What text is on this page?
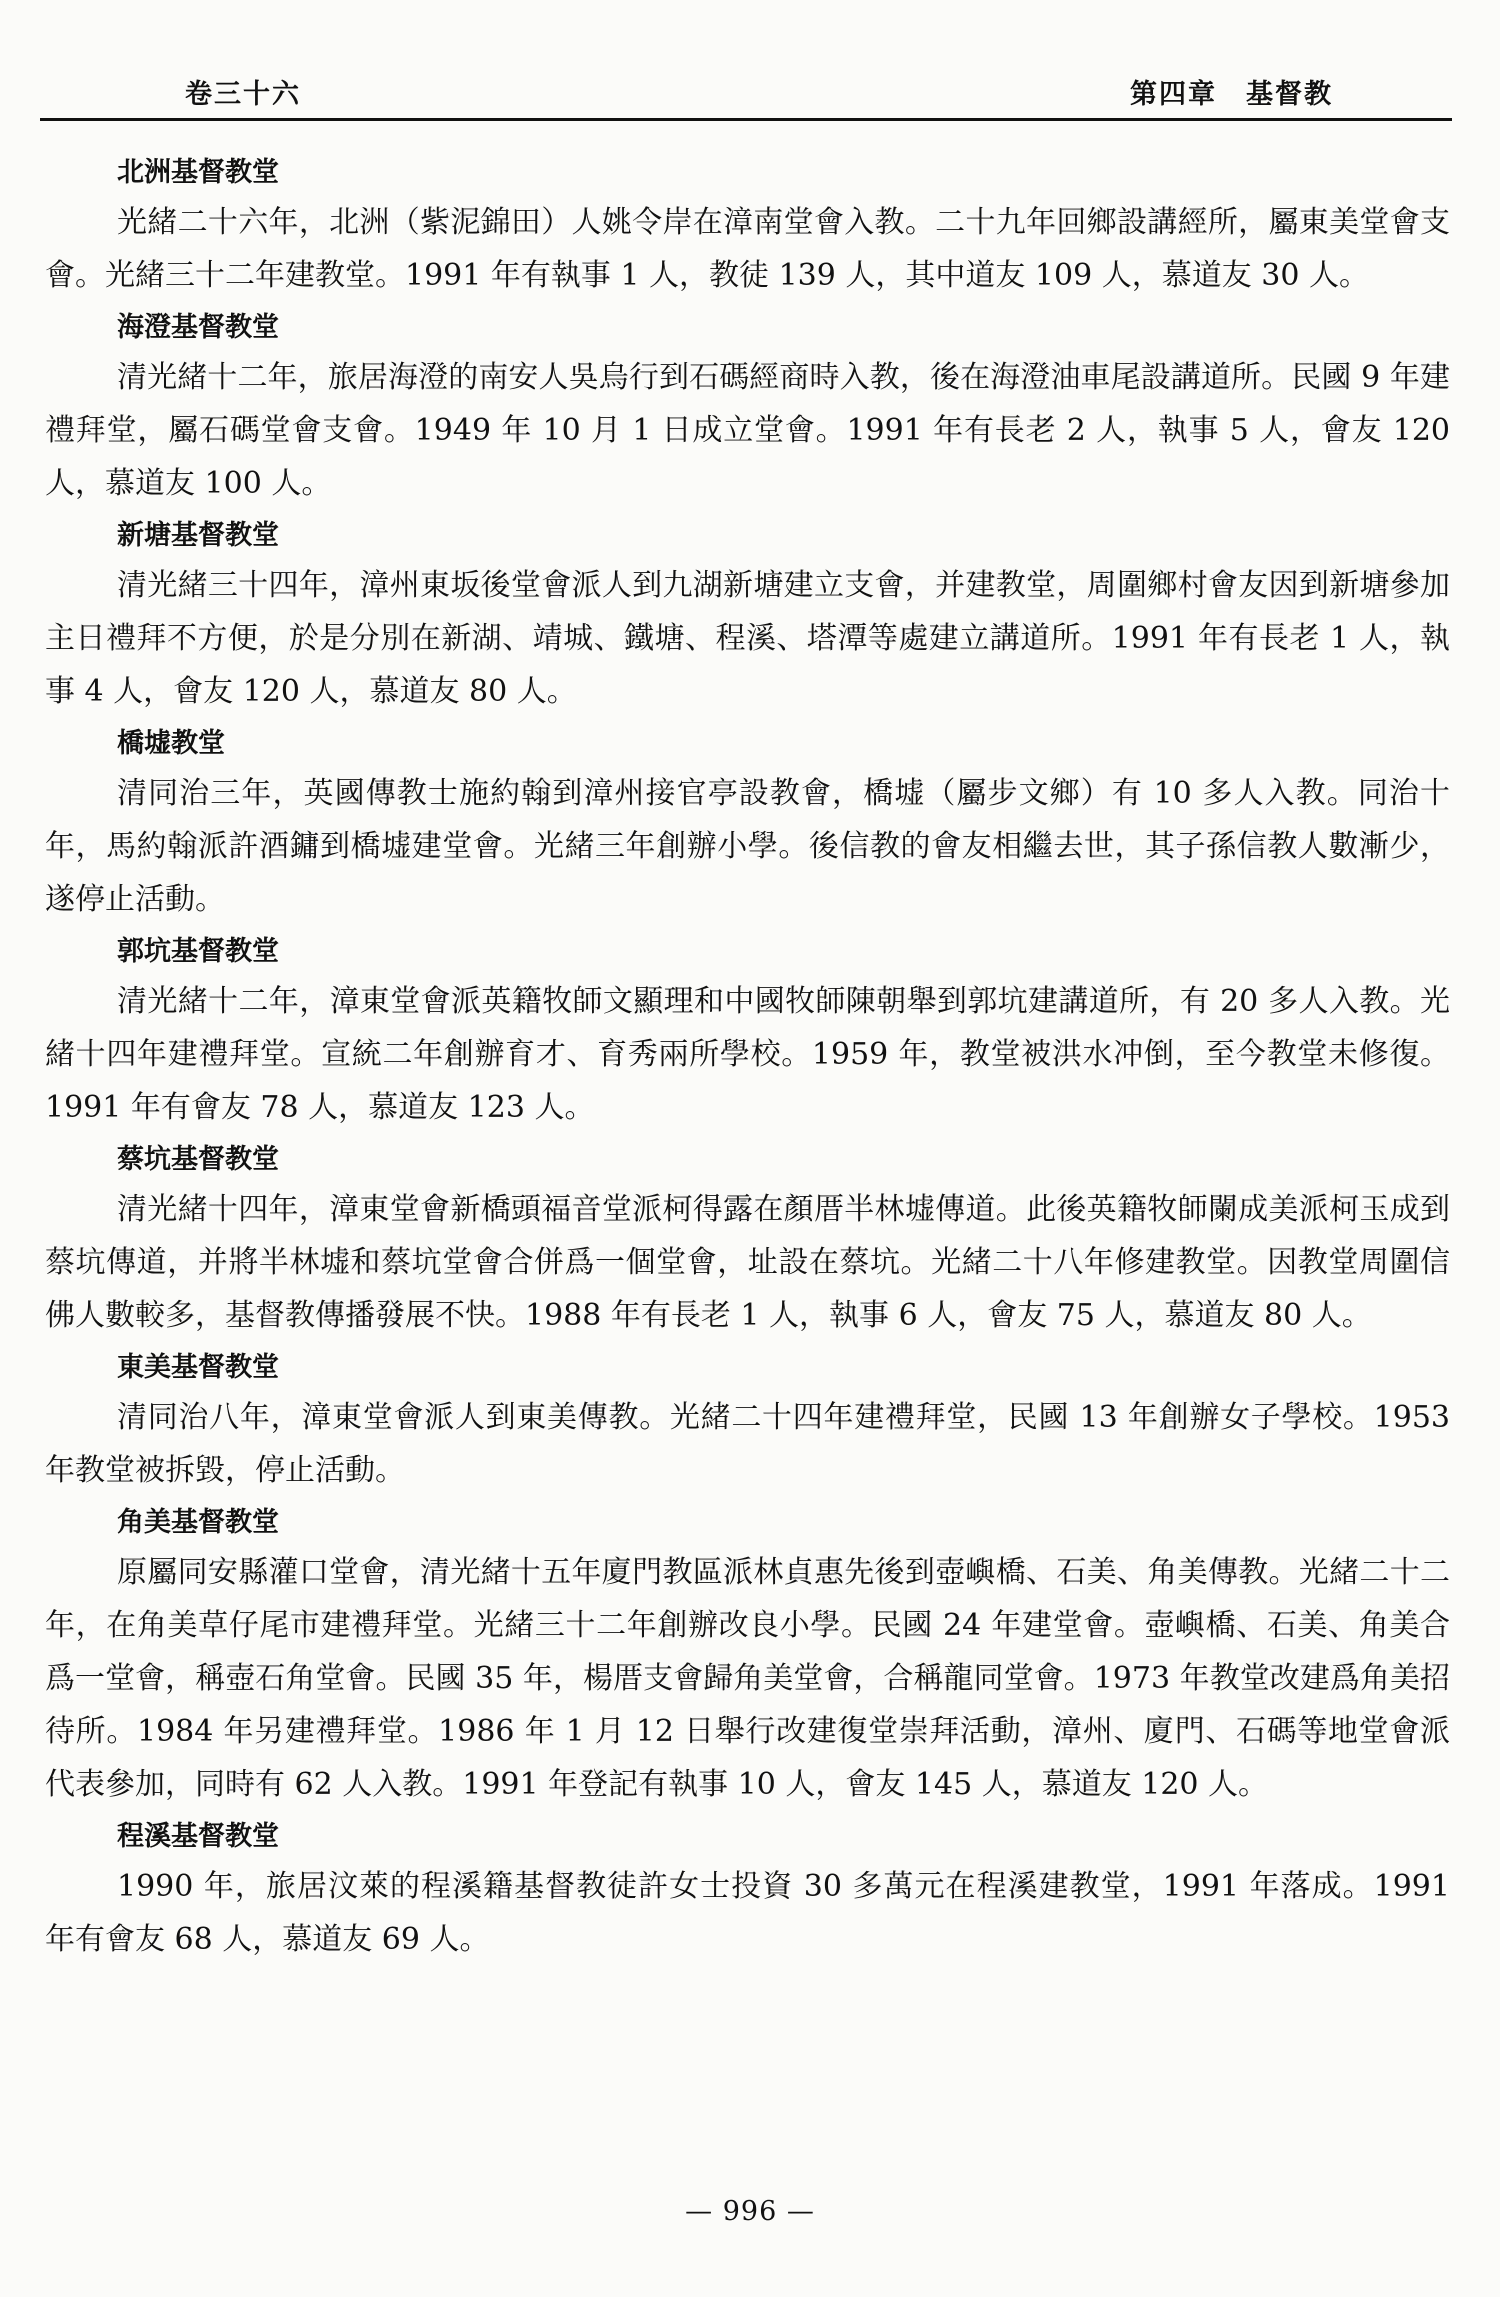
卷三十六	第四章　基督教
北洲基督教堂

光緒二十六年，北洲（紫泥錦田）人姚令岸在漳南堂會入教。二十九年回鄉設講經所，屬東美堂會支會。光緒三十二年建教堂。1991 年有執事 1 人，教徒 139 人，其中道友 109 人，慕道友 30 人。

海澄基督教堂

清光緒十二年，旅居海澄的南安人吳烏行到石碼經商時入教，後在海澄油車尾設講道所。民國 9 年建禮拜堂，屬石碼堂會支會。1949 年 10 月 1 日成立堂會。1991 年有長老 2 人，執事 5 人，會友 120 人，慕道友 100 人。

新塘基督教堂

清光緒三十四年，漳州東坂後堂會派人到九湖新塘建立支會，并建教堂，周圍鄉村會友因到新塘參加主日禮拜不方便，於是分別在新湖、靖城、鐵塘、程溪、塔潭等處建立講道所。1991 年有長老 1 人，執事 4 人，會友 120 人，慕道友 80 人。

橋墟教堂

清同治三年，英國傳教士施約翰到漳州接官亭設教會，橋墟（屬步文鄉）有 10 多人入教。同治十年，馬約翰派許酒鏞到橋墟建堂會。光緒三年創辦小學。後信教的會友相繼去世，其子孫信教人數漸少，遂停止活動。

郭坑基督教堂

清光緒十二年，漳東堂會派英籍牧師文顯理和中國牧師陳朝舉到郭坑建講道所，有 20 多人入教。光緒十四年建禮拜堂。宣統二年創辦育才、育秀兩所學校。1959 年，教堂被洪水冲倒，至今教堂未修復。1991 年有會友 78 人，慕道友 123 人。

蔡坑基督教堂

清光緒十四年，漳東堂會新橋頭福音堂派柯得露在顏厝半林墟傳道。此後英籍牧師闌成美派柯玉成到蔡坑傳道，并將半林墟和蔡坑堂會合併爲一個堂會，址設在蔡坑。光緒二十八年修建教堂。因教堂周圍信佛人數較多，基督教傳播發展不快。1988 年有長老 1 人，執事 6 人，會友 75 人，慕道友 80 人。

東美基督教堂

清同治八年，漳東堂會派人到東美傳教。光緒二十四年建禮拜堂，民國 13 年創辦女子學校。1953 年教堂被拆毀，停止活動。

角美基督教堂

原屬同安縣灌口堂會，清光緒十五年廈門教區派林貞惠先後到壺嶼橋、石美、角美傳教。光緒二十二年，在角美草仔尾市建禮拜堂。光緒三十二年創辦改良小學。民國 24 年建堂會。壺嶼橋、石美、角美合爲一堂會，稱壺石角堂會。民國 35 年，楊厝支會歸角美堂會，合稱龍同堂會。1973 年教堂改建爲角美招待所。1984 年另建禮拜堂。1986 年 1 月 12 日舉行改建復堂崇拜活動，漳州、廈門、石碼等地堂會派代表參加，同時有 62 人入教。1991 年登記有執事 10 人，會友 145 人，慕道友 120 人。

程溪基督教堂

1990 年，旅居汶萊的程溪籍基督教徒許女士投資 30 多萬元在程溪建教堂，1991 年落成。1991 年有會友 68 人，慕道友 69 人。

— 996 —
